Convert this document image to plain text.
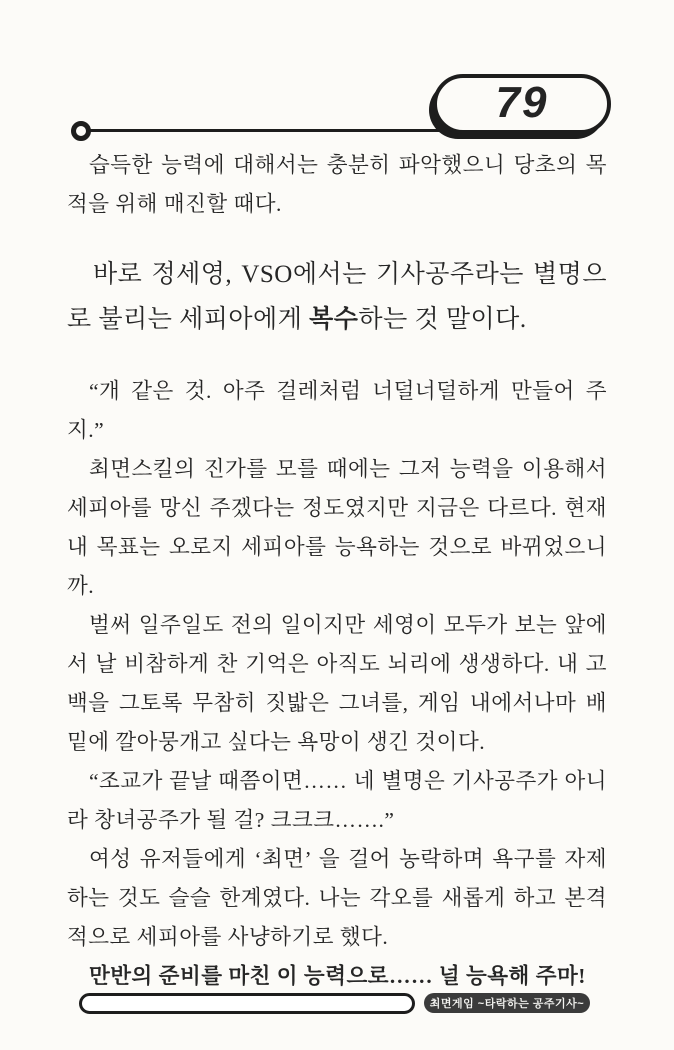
79

습득한 능력에 대해서는 충분히 파악했으니 당초의 목적을 위해 매진할 때다.

바로 정세영, VSO에서는 기사공주라는 별명으로 불리는 세피아에게 복수하는 것 말이다.

“개 같은 것. 아주 걸레처럼 너덜너덜하게 만들어 주지.”

최면스킬의 진가를 모를 때에는 그저 능력을 이용해서 세피아를 망신 주겠다는 정도였지만 지금은 다르다. 현재 내 목표는 오로지 세피아를 능욕하는 것으로 바뀌었으니까.

벌써 일주일도 전의 일이지만 세영이 모두가 보는 앞에서 날 비참하게 찬 기억은 아직도 뇌리에 생생하다. 내 고백을 그토록 무참히 짓밟은 그녀를, 게임 내에서나마 배 밑에 깔아뭉개고 싶다는 욕망이 생긴 것이다.

“조교가 끝날 때쯤이면…… 네 별명은 기사공주가 아니라 창녀공주가 될 걸? 크크크…….”

여성 유저들에게 ‘최면’ 을 걸어 농락하며 욕구를 자제하는 것도 슬슬 한계였다. 나는 각오를 새롭게 하고 본격적으로 세피아를 사냥하기로 했다.

만반의 준비를 마친 이 능력으로…… 널 능욕해 주마!

최면게임 ~타락하는 공주기사~
